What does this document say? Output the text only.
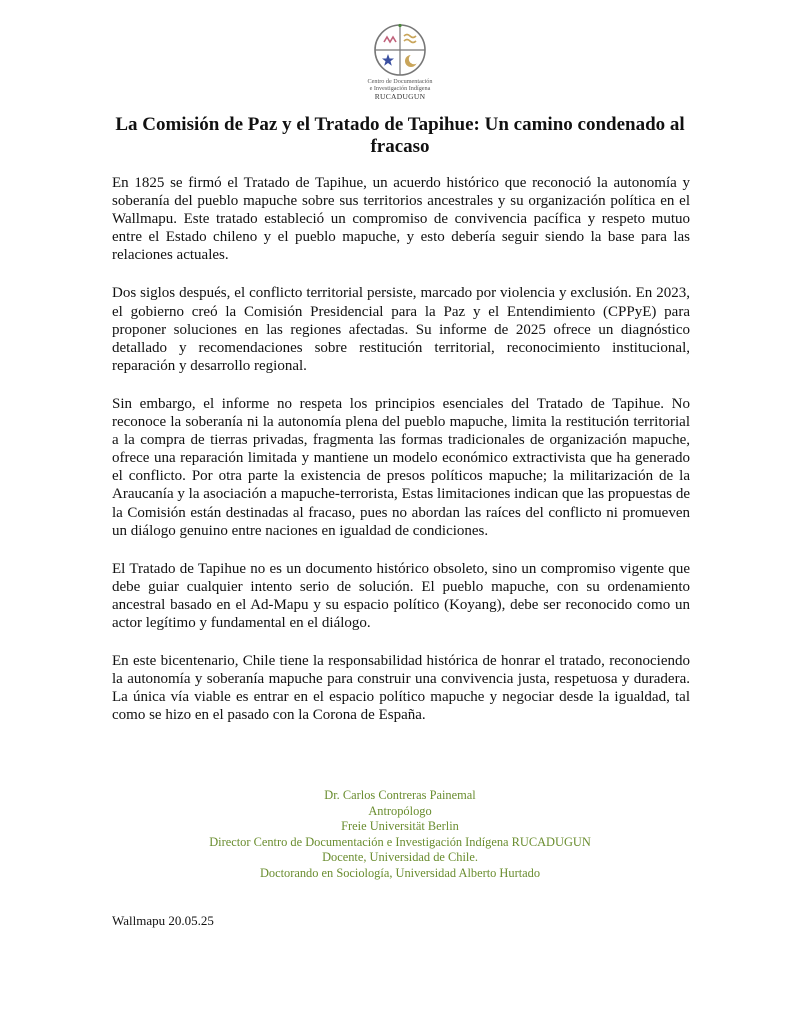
Centro de Documentación
e Investigación Indígena
RUCADUGUN
La Comisión de Paz y el Tratado de Tapihue: Un camino condenado al fracaso

En 1825 se firmó el Tratado de Tapihue, un acuerdo histórico que reconoció la autonomía y soberanía del pueblo mapuche sobre sus territorios ancestrales y su organización política en el Wallmapu. Este tratado estableció un compromiso de convivencia pacífica y respeto mutuo entre el Estado chileno y el pueblo mapuche, y esto debería seguir siendo la base para las relaciones actuales.

Dos siglos después, el conflicto territorial persiste, marcado por violencia y exclusión. En 2023, el gobierno creó la Comisión Presidencial para la Paz y el Entendimiento (CPPyE) para proponer soluciones en las regiones afectadas. Su informe de 2025 ofrece un diagnóstico detallado y recomendaciones sobre restitución territorial, reconocimiento institucional, reparación y desarrollo regional.

Sin embargo, el informe no respeta los principios esenciales del Tratado de Tapihue. No reconoce la soberanía ni la autonomía plena del pueblo mapuche, limita la restitución territorial a la compra de tierras privadas, fragmenta las formas tradicionales de organización mapuche, ofrece una reparación limitada y mantiene un modelo económico extractivista que ha generado el conflicto. Por otra parte la existencia de presos políticos mapuche; la militarización de la Araucanía y la asociación a mapuche-terrorista, Estas limitaciones indican que las propuestas de la Comisión están destinadas al fracaso, pues no abordan las raíces del conflicto ni promueven un diálogo genuino entre naciones en igualdad de condiciones.

El Tratado de Tapihue no es un documento histórico obsoleto, sino un compromiso vigente que debe guiar cualquier intento serio de solución. El pueblo mapuche, con su ordenamiento ancestral basado en el Ad-Mapu y su espacio político (Koyang), debe ser reconocido como un actor legítimo y fundamental en el diálogo.

En este bicentenario, Chile tiene la responsabilidad histórica de honrar el tratado, reconociendo la autonomía y soberanía mapuche para construir una convivencia justa, respetuosa y duradera. La única vía viable es entrar en el espacio político mapuche y negociar desde la igualdad, tal como se hizo en el pasado con la Corona de España.

Dr. Carlos Contreras Painemal
Antropólogo
Freie Universität Berlin
Director Centro de Documentación e Investigación Indígena RUCADUGUN
Docente, Universidad de Chile.
Doctorando en Sociología, Universidad Alberto Hurtado
Wallmapu 20.05.25
